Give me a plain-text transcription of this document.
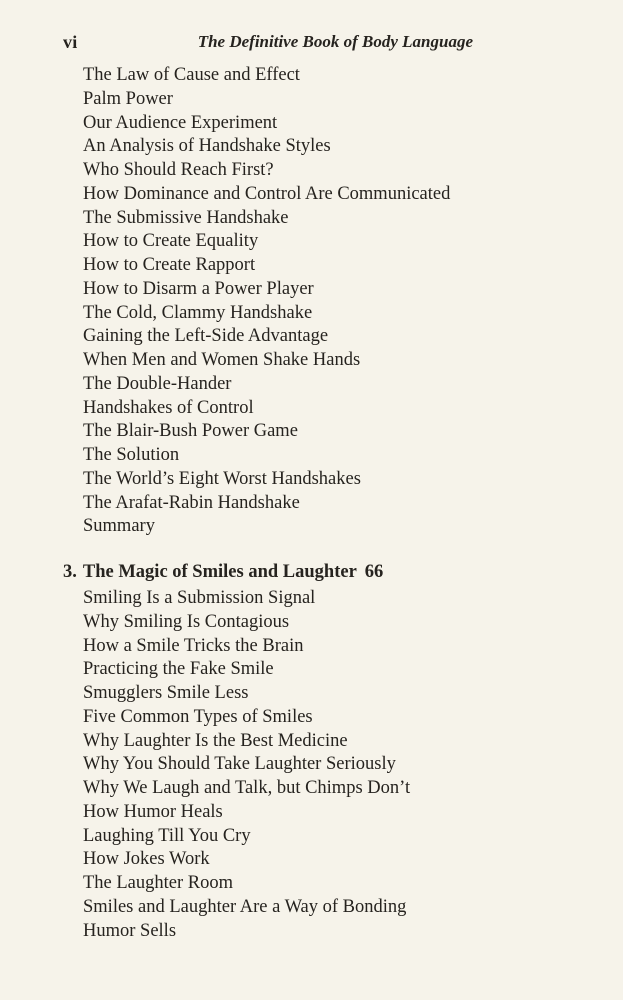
vi	The Definitive Book of Body Language
The Law of Cause and Effect
Palm Power
Our Audience Experiment
An Analysis of Handshake Styles
Who Should Reach First?
How Dominance and Control Are Communicated
The Submissive Handshake
How to Create Equality
How to Create Rapport
How to Disarm a Power Player
The Cold, Clammy Handshake
Gaining the Left-Side Advantage
When Men and Women Shake Hands
The Double-Hander
Handshakes of Control
The Blair-Bush Power Game
The Solution
The World’s Eight Worst Handshakes
The Arafat-Rabin Handshake
Summary
3. The Magic of Smiles and Laughter 66
Smiling Is a Submission Signal
Why Smiling Is Contagious
How a Smile Tricks the Brain
Practicing the Fake Smile
Smugglers Smile Less
Five Common Types of Smiles
Why Laughter Is the Best Medicine
Why You Should Take Laughter Seriously
Why We Laugh and Talk, but Chimps Don’t
How Humor Heals
Laughing Till You Cry
How Jokes Work
The Laughter Room
Smiles and Laughter Are a Way of Bonding
Humor Sells
